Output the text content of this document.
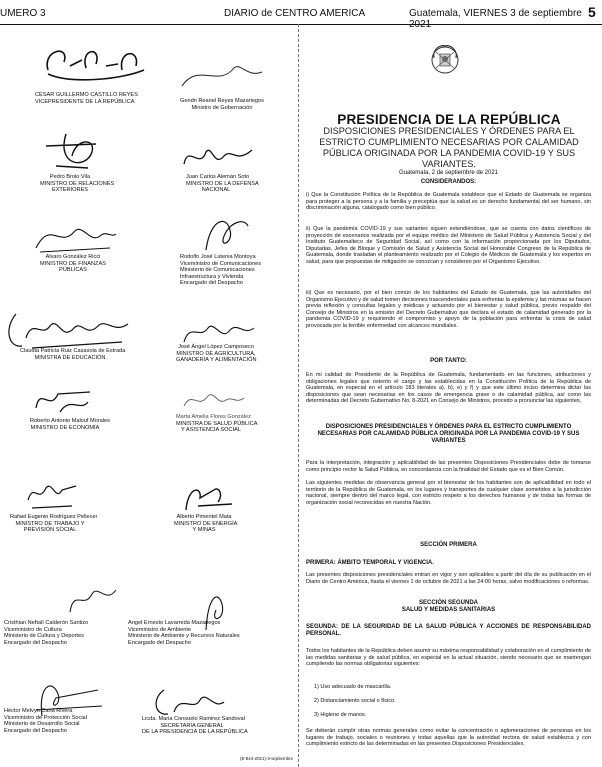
UMERO 3	DIARIO de CENTRO AMERICA	Guatemala, VIERNES 3 de septiembre 2021
5
CÉSAR GUILLERMO CASTILLO REYES
VICEPRESIDENTE DE LA REPÚBLICA	Gendri Reanel Reyes Mazariegos
Ministro de Gobernación
Pedro Brolo Vila
MINISTRO DE RELACIONES
EXTERIORES
Juan Carlos Alemán Soto
MINISTRO DE LA DEFENSA
NACIONAL
Alvaro González Ricci
MINISTRO DE FINANZAS
PÚBLICAS
Rodolfo José Lutenia Montoya
Viceministro de Comunicaciones
Ministerio de Comunicaciones
Infraestructura y Vivienda
Encargado del Despacho
Claudia Patricia Ruiz Casasola de Estrada
MINISTRA DE EDUCACIÓN
José Ángel López Camposeco
MINISTRO DE AGRICULTURA,
GANADERÍA Y ALIMENTACIÓN
Roberto Antonio Malouf Morales
MINISTRO DE ECONOMÍA
Marta Amelia Flores González
MINISTRA DE SALUD PÚBLICA
Y ASISTENCIA SOCIAL
Rafael Eugenio Rodríguez Pellecer
MINISTRO DE TRABAJO Y
PREVISIÓN SOCIAL
Alberto Pimentel Mata
MINISTRO DE ENERGÍA
Y MINAS
Cristhian Neftalí Calderón Santizo
Viceministro de Cultura
Ministerio de Cultura y Deportes
Encargado del Despacho
Angel Ernesto Lavarreda Mazariegos
Viceministro de Ambiente
Ministerio de Ambiente y Recursos Naturales
Encargado del Despacho
Héctor Melvyn Caná Rivera
Viceministro de Protección Social
Ministerio de Desarrollo Social
Encargado del Despacho
Licda. Maria Consuelo Ramirez Sandoval
SECRETARIA GENERAL
DE LA PRESIDENCIA DE LA REPÚBLICA
(E-844-2021)-3-septiembre
PRESIDENCIA DE LA REPÚBLICA
DISPOSICIONES PRESIDENCIALES Y ÓRDENES PARA EL ESTRICTO CUMPLIMIENTO NECESARIAS POR CALAMIDAD PÚBLICA ORIGINADA POR LA PANDEMIA COVID-19 Y SUS VARIANTES.
Guatemala, 2 de septiembre de 2021
CONSIDERANDOS:
i) Que la Constitución Política de la República de Guatemala establece que el Estado de Guatemala se organiza para proteger a la persona y a la familia y preceptúa que la salud es un derecho fundamental del ser humano, sin discriminación alguna, catalogado como bien público.
ii) Que la pandemia COVID-19 y sus variantes siguen extendiéndose, que se cuenta con datos científicos de proyección de escenarios realizada por el equipo médico del Ministerio de Salud Pública y Asistencia Social y del Instituto Guatemalteco de Seguridad Social, así como con la información proporcionada por los Diputados, Diputadas, Jefes de Bloque y Comisión de Salud y Asistencia Social del Honorable Congreso de la República de Guatemala, donde trasladan el planteamiento realizado por el Colegio de Médicos de Guatemala y los expertos en salud, para que propuestas de mitigación se conozcan y consideren por el Organismo Ejecutivo.
iii) Que es necesario, por el bien común de los habitantes del Estado de Guatemala, que las autoridades del Organismo Ejecutivo y de salud tomen decisiones trascendentales para enfrentar la epidemia y las mismas se hacen previa reflexión y consultas legales y médicas y actuando por el bienestar y salud pública, previo respaldo del Consejo de Ministros en la emisión del Decreto Gubernativo que declara el estado de calamidad generado por la pandemia COVID-19 y requiriendo el compromiso y apoyo de la población para enfrentar la crisis de salud provocada por la terrible enfermedad con alcances mundiales.
POR TANTO:
En mi calidad de Presidente de la República de Guatemala, fundamentado en las funciones, atribuciones y obligaciones legales que ostento el cargo y las establecidas en la Constitución Política de la República de Guatemala, en especial en el artículo 183 literales a), b), e) y f) y que este último inciso determina dictar las disposiciones que sean necesarias en los casos de emergencia grave o de calamidad pública, así como las determinadas del Decreto Gubernativo No. 8-2021 en Consejo de Ministros, procedo a pronunciar las siguientes,
DISPOSICIONES PRESIDENCIALES Y ÓRDENES PARA EL ESTRICTO CUMPLIMIENTO NECESARIAS POR CALAMIDAD PÚBLICA ORIGINADA POR LA PANDEMIA COVID-19 Y SUS VARIANTES
Para la interpretación, integración y aplicabilidad de las presentes Disposiciones Presidenciales debe de tomarse como principio rector la Salud Pública, en concordancia con la finalidad del Estado que es el Bien Común.
Las siguientes medidas de observancia general por el bienestar de los habitantes son de aplicabilidad en todo el territorio de la República de Guatemala, en los lugares y transportes de cualquier clase sometidos a la jurisdicción nacional, siempre dentro del marco legal, con estricto respeto a los derechos humanos y de todas las formas de organización social reconocidas en nuestra Nación.
SECCIÓN PRIMERA
PRIMERA: ÁMBITO TEMPORAL Y VIGENCIA.
Las presentes disposiciones presidenciales entran en vigor y son aplicables a partir del día de su publicación en el Diario de Centro América, hasta el viernes 1 de octubre de 2021 a las 24:00 horas, salvo modificaciones o reformas.
SECCIÓN SEGUNDA
SALUD Y MEDIDAS SANITARIAS
SEGUNDA: DE LA SEGURIDAD DE LA SALUD PÚBLICA Y ACCIONES DE RESPONSABILIDAD PERSONAL.
Todos los habitantes de la República deben asumir su máxima responsabilidad y colaboración en el cumplimiento de las medidas sanitarias y de salud pública, en especial en la actual situación, siendo necesario que se mantengan cumpliendo las normas obligatorias siguientes:
1) Uso adecuado de mascarilla.
2) Distanciamiento social o físico.
3) Higiene de manos.
Se deberán cumplir otras normas generales como evitar la concentración o aglomeraciones de personas en los lugares de trabajo, sociales o reuniones y todas aquellas que la autoridad rectora de salud establezca y con cumplimiento estricto de las determinadas en las presentes Disposiciones Presidenciales.
